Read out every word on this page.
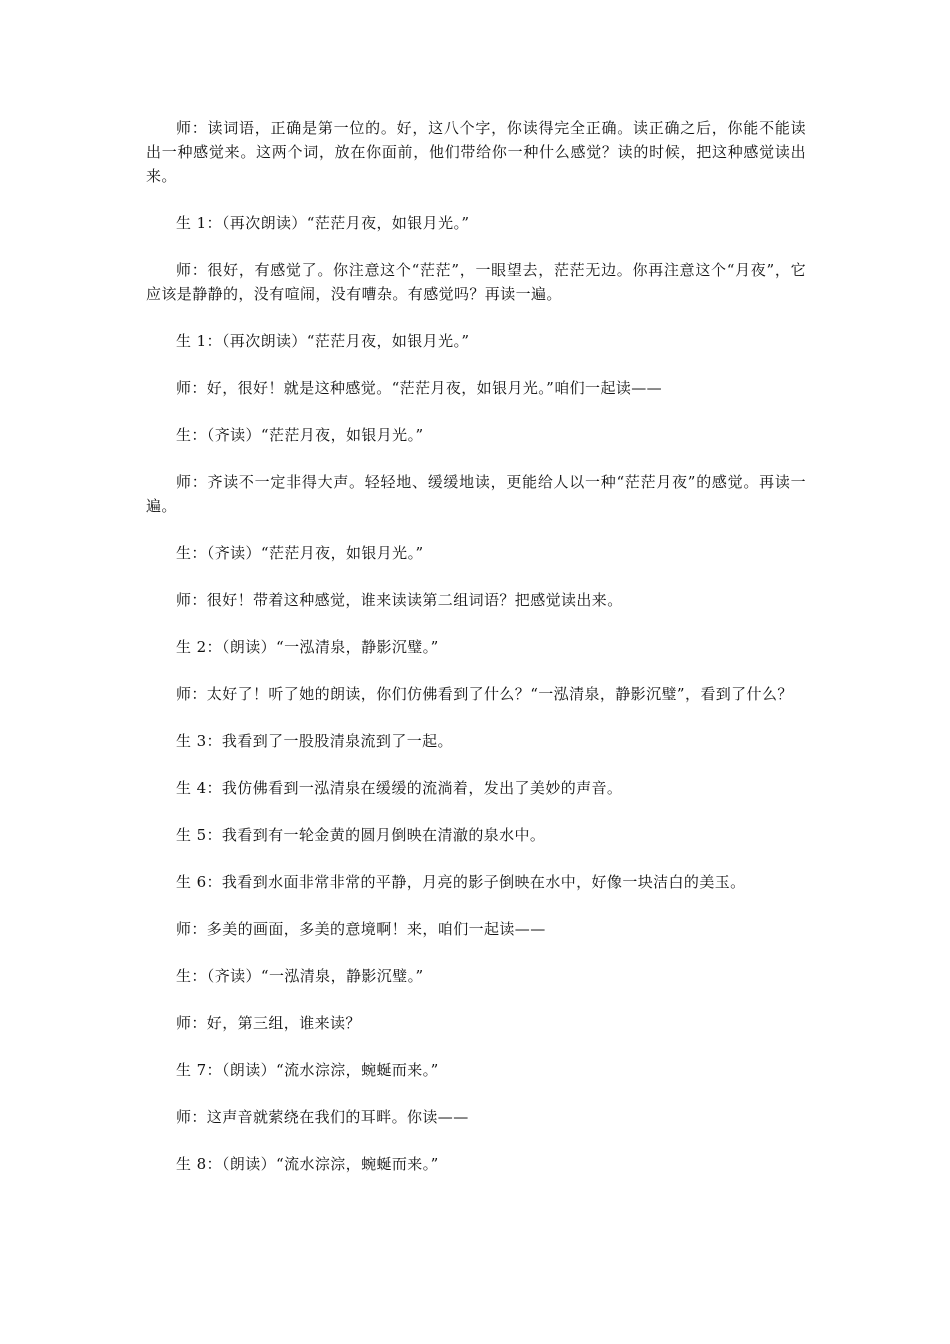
师：读词语，正确是第一位的。好，这八个字，你读得完全正确。读正确之后，你能不能读出一种感觉来。这两个词，放在你面前，他们带给你一种什么感觉？读的时候，把这种感觉读出来。

生 1：（再次朗读）“茫茫月夜，如银月光。”

师：很好，有感觉了。你注意这个“茫茫”，一眼望去，茫茫无边。你再注意这个“月夜”，它应该是静静的，没有喧闹，没有嘈杂。有感觉吗？再读一遍。

生 1：（再次朗读）“茫茫月夜，如银月光。”

师：好，很好！就是这种感觉。“茫茫月夜，如银月光。”咱们一起读——

生：（齐读）“茫茫月夜，如银月光。”

师：齐读不一定非得大声。轻轻地、缓缓地读，更能给人以一种“茫茫月夜”的感觉。再读一遍。

生：（齐读）“茫茫月夜，如银月光。”

师：很好！带着这种感觉，谁来读读第二组词语？把感觉读出来。

生 2：（朗读）“一泓清泉，静影沉璧。”

师：太好了！听了她的朗读，你们仿佛看到了什么？“一泓清泉，静影沉璧”，看到了什么？

生 3：我看到了一股股清泉流到了一起。

生 4：我仿佛看到一泓清泉在缓缓的流淌着，发出了美妙的声音。

生 5：我看到有一轮金黄的圆月倒映在清澈的泉水中。

生 6：我看到水面非常非常的平静，月亮的影子倒映在水中，好像一块洁白的美玉。

师：多美的画面，多美的意境啊！来，咱们一起读——

生：（齐读）“一泓清泉，静影沉璧。”

师：好，第三组，谁来读？

生 7：（朗读）“流水淙淙，蜿蜒而来。”

师：这声音就萦绕在我们的耳畔。你读——

生 8：（朗读）“流水淙淙，蜿蜒而来。”
